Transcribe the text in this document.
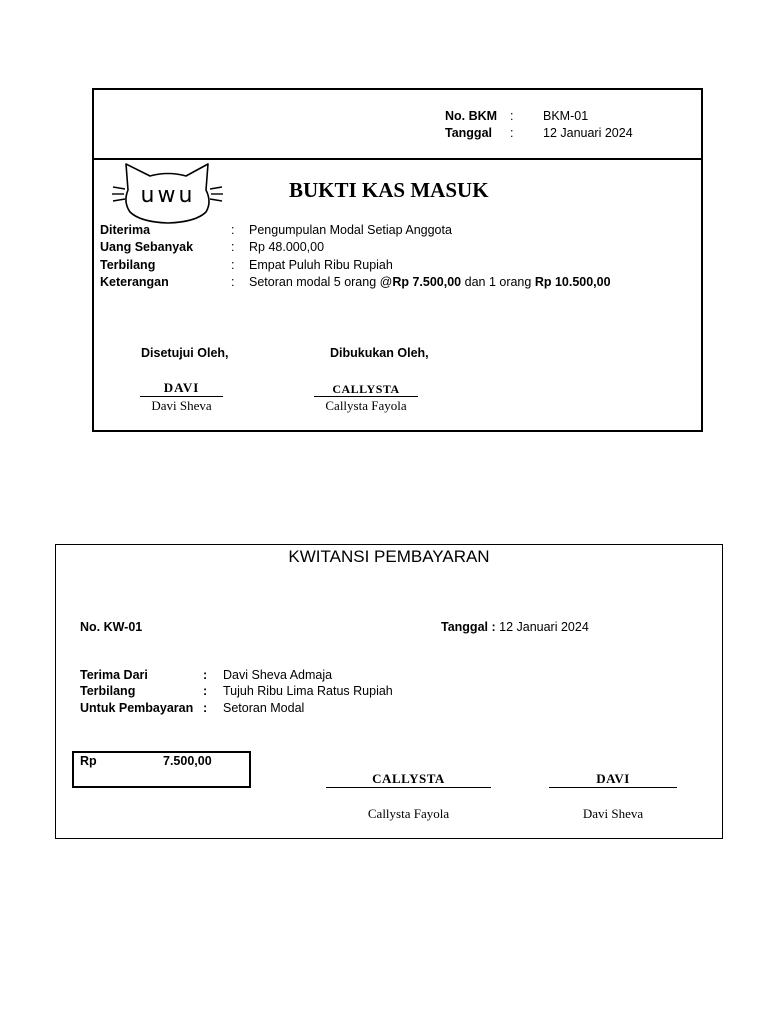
No. BKM : BKM-01
Tanggal : 12 Januari 2024
uwu	BUKTI KAS MASUK
Diterima	: Pengumpulan Modal Setiap Anggota
Uang Sebanyak	: Rp 48.000,00
Terbilang	: Empat Puluh Ribu Rupiah
Keterangan	: Setoran modal 5 orang @Rp 7.500,00 dan 1 orang Rp 10.500,00
Disetujui Oleh,	Dibukukan Oleh,
DAVI
Davi Sheva
CALLYSTA
Callysta Fayola
KWITANSI PEMBAYARAN
No. KW-01	Tanggal : 12 Januari 2024
Terima Dari	: Davi Sheva Admaja
Terbilang	: Tujuh Ribu Lima Ratus Rupiah
Untuk Pembayaran : Setoran Modal
Rp	7.500,00
CALLYSTA
Callysta Fayola
DAVI
Davi Sheva
